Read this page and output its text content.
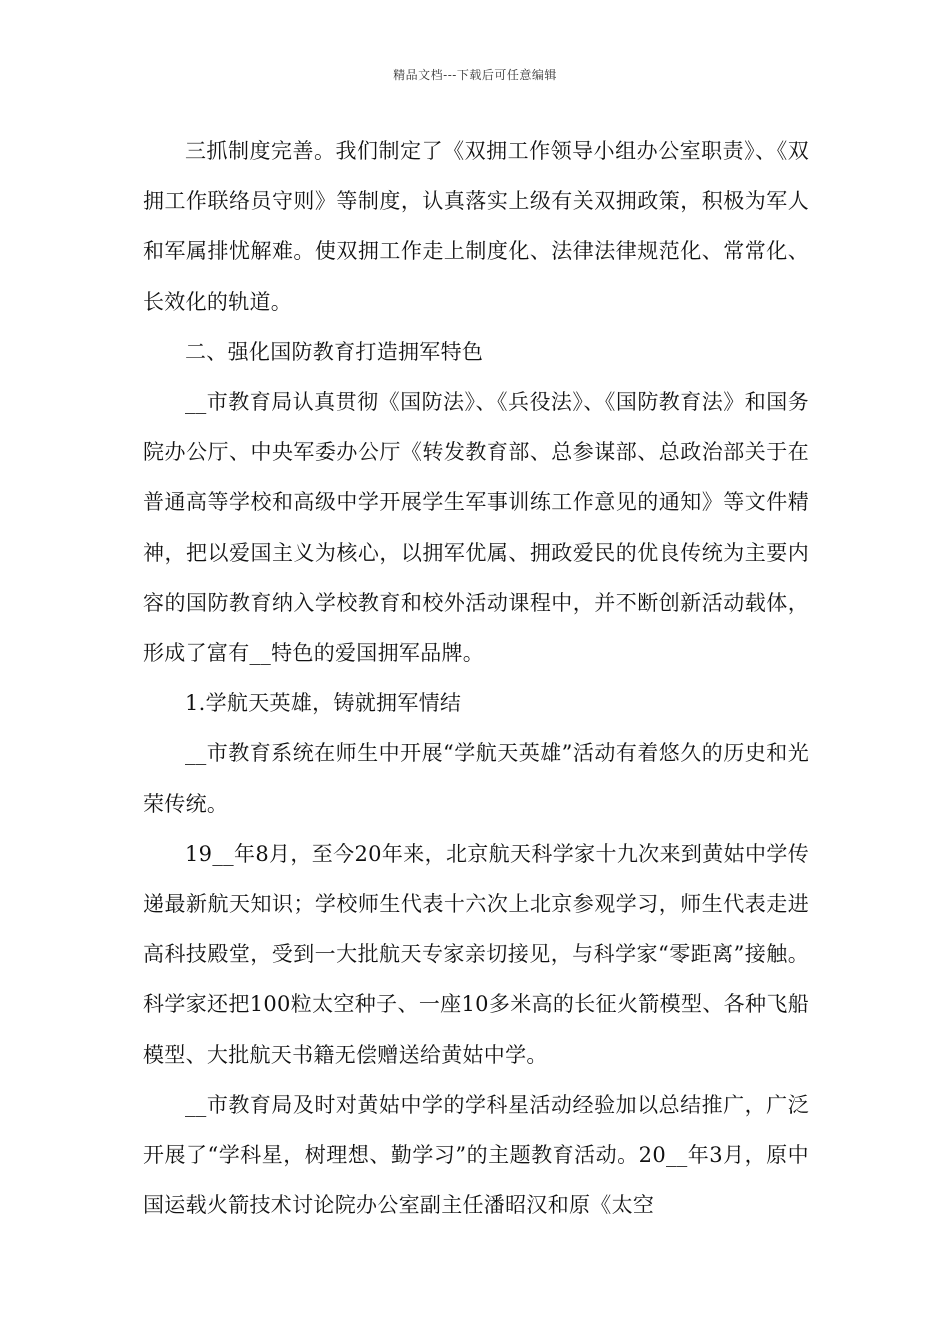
精品文档---下载后可任意编辑

三抓制度完善。我们制定了《双拥工作领导小组办公室职责》、《双拥工作联络员守则》等制度，认真落实上级有关双拥政策，积极为军人和军属排忧解难。使双拥工作走上制度化、法律法律规范化、常常化、长效化的轨道。

二、强化国防教育打造拥军特色

__市教育局认真贯彻《国防法》、《兵役法》、《国防教育法》和国务院办公厅、中央军委办公厅《转发教育部、总参谋部、总政治部关于在普通高等学校和高级中学开展学生军事训练工作意见的通知》等文件精神，把以爱国主义为核心，以拥军优属、拥政爱民的优良传统为主要内容的国防教育纳入学校教育和校外活动课程中，并不断创新活动载体，形成了富有__特色的爱国拥军品牌。

1.学航天英雄，铸就拥军情结

__市教育系统在师生中开展“学航天英雄”活动有着悠久的历史和光荣传统。

19__年8月，至今20年来，北京航天科学家十九次来到黄姑中学传递最新航天知识；学校师生代表十六次上北京参观学习，师生代表走进高科技殿堂，受到一大批航天专家亲切接见，与科学家“零距离”接触。科学家还把100粒太空种子、一座10多米高的长征火箭模型、各种飞船模型、大批航天书籍无偿赠送给黄姑中学。

__市教育局及时对黄姑中学的学科星活动经验加以总结推广，广泛开展了“学科星，树理想、勤学习”的主题教育活动。20__年3月，原中国运载火箭技术讨论院办公室副主任潘昭汉和原《太空
